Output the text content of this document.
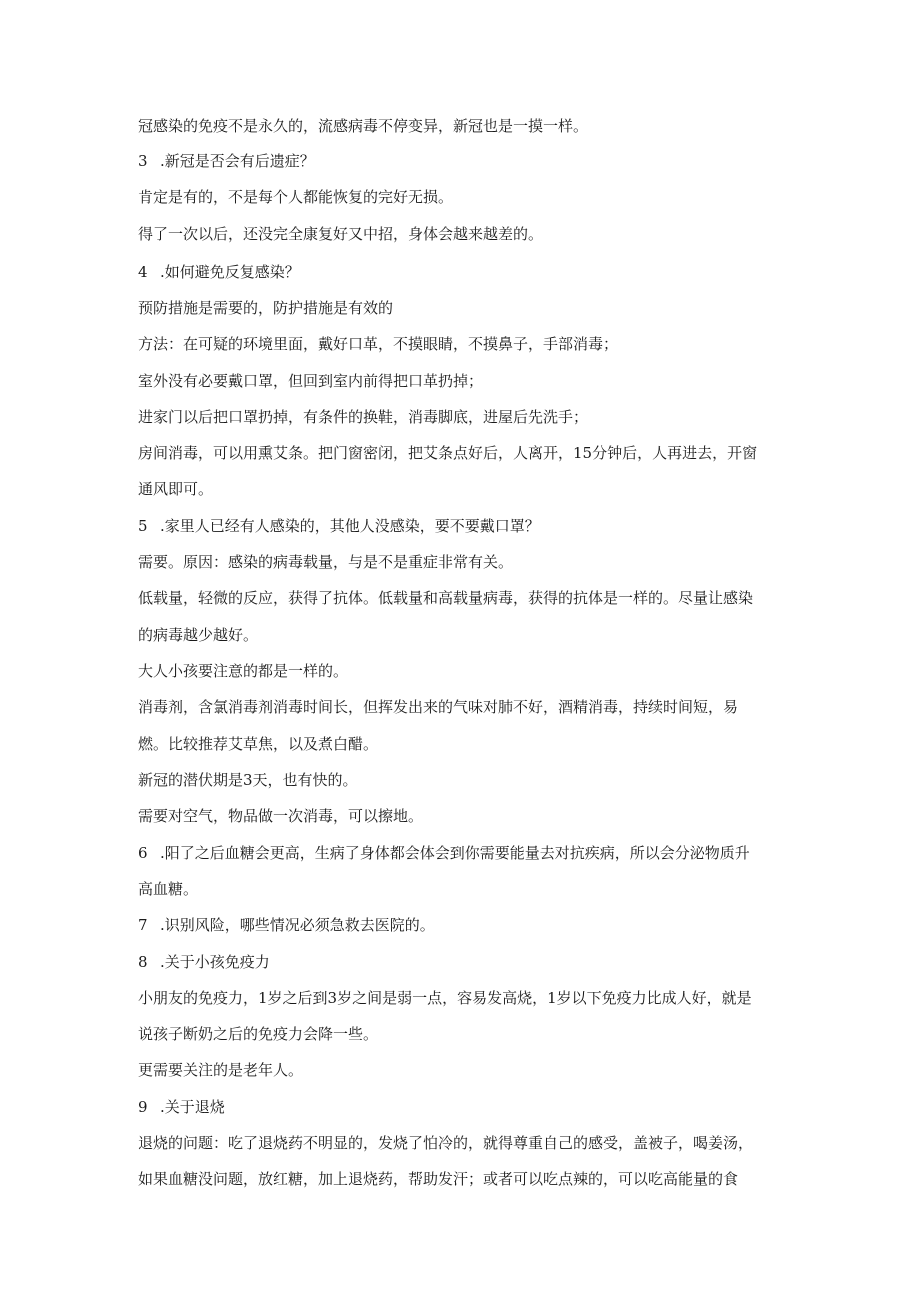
冠感染的免疫不是永久的，流感病毒不停变异，新冠也是一摸一样。
3 .新冠是否会有后遗症？
肯定是有的，不是每个人都能恢复的完好无损。
得了一次以后，还没完全康复好又中招，身体会越来越差的。
4 .如何避免反复感染？
预防措施是需要的，防护措施是有效的
方法：在可疑的环境里面，戴好口革，不摸眼睛，不摸鼻子，手部消毒；
室外没有必要戴口罩，但回到室内前得把口革扔掉；
进家门以后把口罩扔掉，有条件的换鞋，消毒脚底，进屋后先洗手；
房间消毒，可以用熏艾条。把门窗密闭，把艾条点好后，人离开，15分钟后，人再进去，开窗
通风即可。
5 .家里人已经有人感染的，其他人没感染，要不要戴口罩？
需要。原因：感染的病毒载量，与是不是重症非常有关。
低载量，轻微的反应，获得了抗体。低载量和高载量病毒，获得的抗体是一样的。尽量让感染
的病毒越少越好。
大人小孩要注意的都是一样的。
消毒剂，含氯消毒剂消毒时间长，但挥发出来的气味对肺不好，酒精消毒，持续时间短，易
燃。比较推荐艾草焦，以及煮白醋。
新冠的潜伏期是3天，也有快的。
需要对空气，物品做一次消毒，可以擦地。
6 .阳了之后血糖会更高，生病了身体都会体会到你需要能量去对抗疾病，所以会分泌物质升
高血糖。
7 .识别风险，哪些情况必须急救去医院的。
8 .关于小孩免疫力
小朋友的免疫力，1岁之后到3岁之间是弱一点，容易发高烧，1岁以下免疫力比成人好，就是
说孩子断奶之后的免疫力会降一些。
更需要关注的是老年人。
9 .关于退烧
退烧的问题：吃了退烧药不明显的，发烧了怕冷的，就得尊重自己的感受，盖被子，喝姜汤，
如果血糖没问题，放红糖，加上退烧药，帮助发汗；或者可以吃点辣的，可以吃高能量的食
